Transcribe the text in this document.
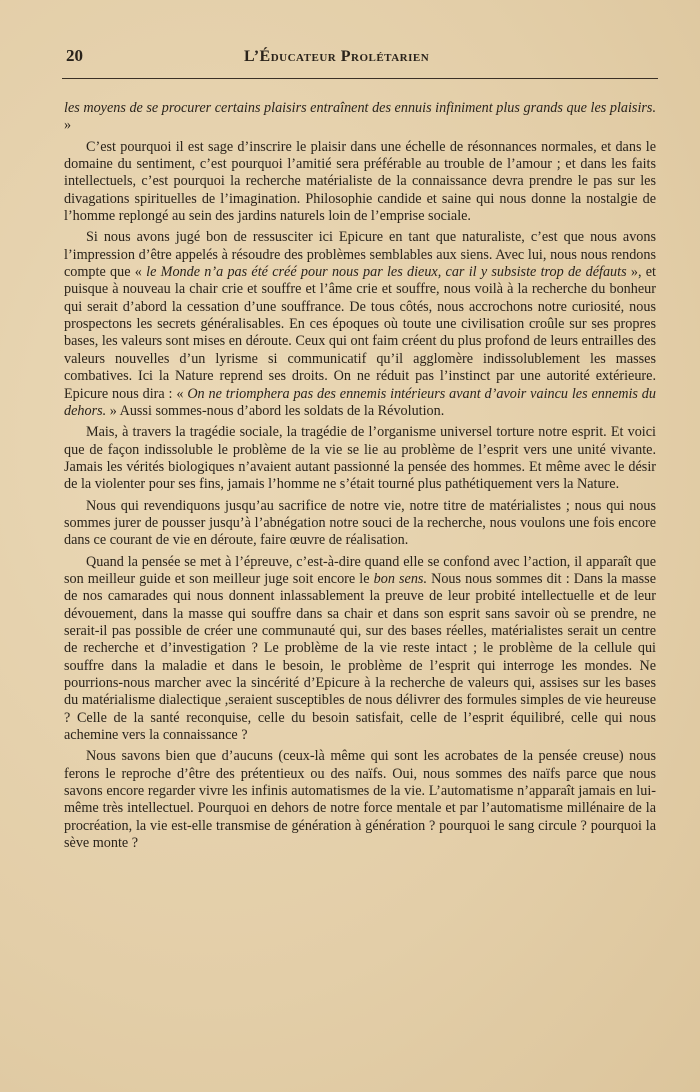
20	L’Éducateur Prolétarien

les moyens de se procurer certains plaisirs entraînent des ennuis infiniment plus grands que les plaisirs. »

C’est pourquoi il est sage d’inscrire le plaisir dans une échelle de résonnances normales, et dans le domaine du sentiment, c’est pourquoi l’amitié sera préférable au trouble de l’amour ; et dans les faits intellectuels, c’est pourquoi la recherche matérialiste de la connaissance devra prendre le pas sur les divagations spirituelles de l’imagination. Philosophie candide et saine qui nous donne la nostalgie de l’homme replongé au sein des jardins naturels loin de l’emprise sociale.

Si nous avons jugé bon de ressusciter ici Epicure en tant que naturaliste, c’est que nous avons l’impression d’être appelés à résoudre des problèmes semblables aux siens. Avec lui, nous nous rendons compte que « le Monde n’a pas été créé pour nous par les dieux, car il y subsiste trop de défauts », et puisque à nouveau la chair crie et souffre et l’âme crie et souffre, nous voilà à la recherche du bonheur qui serait d’abord la cessation d’une souffrance. De tous côtés, nous accrochons notre curiosité, nous prospectons les secrets généralisables. En ces époques où toute une civilisation croûle sur ses propres bases, les valeurs sont mises en déroute. Ceux qui ont faim créent du plus profond de leurs entrailles des valeurs nouvelles d’un lyrisme si communicatif qu’il agglomère indissolublement les masses combatives. Ici la Nature reprend ses droits. On ne réduit pas l’instinct par une autorité extérieure. Epicure nous dira : « On ne triomphera pas des ennemis intérieurs avant d’avoir vaincu les ennemis du dehors. » Aussi sommes-nous d’abord les soldats de la Révolution.

Mais, à travers la tragédie sociale, la tragédie de l’organisme universel torture notre esprit. Et voici que de façon indissoluble le problème de la vie se lie au problème de l’esprit vers une unité vivante. Jamais les vérités biologiques n’avaient autant passionné la pensée des hommes. Et même avec le désir de la violenter pour ses fins, jamais l’homme ne s’était tourné plus pathétiquement vers la Nature.

Nous qui revendiquons jusqu’au sacrifice de notre vie, notre titre de matérialistes ; nous qui nous sommes jurer de pousser jusqu’à l’abnégation notre souci de la recherche, nous voulons une fois encore dans ce courant de vie en déroute, faire œuvre de réalisation.

Quand la pensée se met à l’épreuve, c’est-à-dire quand elle se confond avec l’action, il apparaît que son meilleur guide et son meilleur juge soit encore le bon sens. Nous nous sommes dit : Dans la masse de nos camarades qui nous donnent inlassablement la preuve de leur probité intellectuelle et de leur dévouement, dans la masse qui souffre dans sa chair et dans son esprit sans savoir où se prendre, ne serait-il pas possible de créer une communauté qui, sur des bases réelles, matérialistes serait un centre de recherche et d’investigation ? Le problème de la vie reste intact ; le problème de la cellule qui souffre dans la maladie et dans le besoin, le problème de l’esprit qui interroge les mondes. Ne pourrions-nous marcher avec la sincérité d’Epicure à la recherche de valeurs qui, assises sur les bases du matérialisme dialectique ,seraient susceptibles de nous délivrer des formules simples de vie heureuse ? Celle de la santé reconquise, celle du besoin satisfait, celle de l’esprit équilibré, celle qui nous achemine vers la connaissance ?

Nous savons bien que d’aucuns (ceux-là même qui sont les acrobates de la pensée creuse) nous ferons le reproche d’être des prétentieux ou des naïfs. Oui, nous sommes des naïfs parce que nous savons encore regarder vivre les infinis automatismes de la vie. L’automatisme n’apparaît jamais en lui-même très intellectuel. Pourquoi en dehors de notre force mentale et par l’automatisme millénaire de la procréation, la vie est-elle transmise de génération à génération ? pourquoi le sang circule ? pourquoi la sève monte ?
